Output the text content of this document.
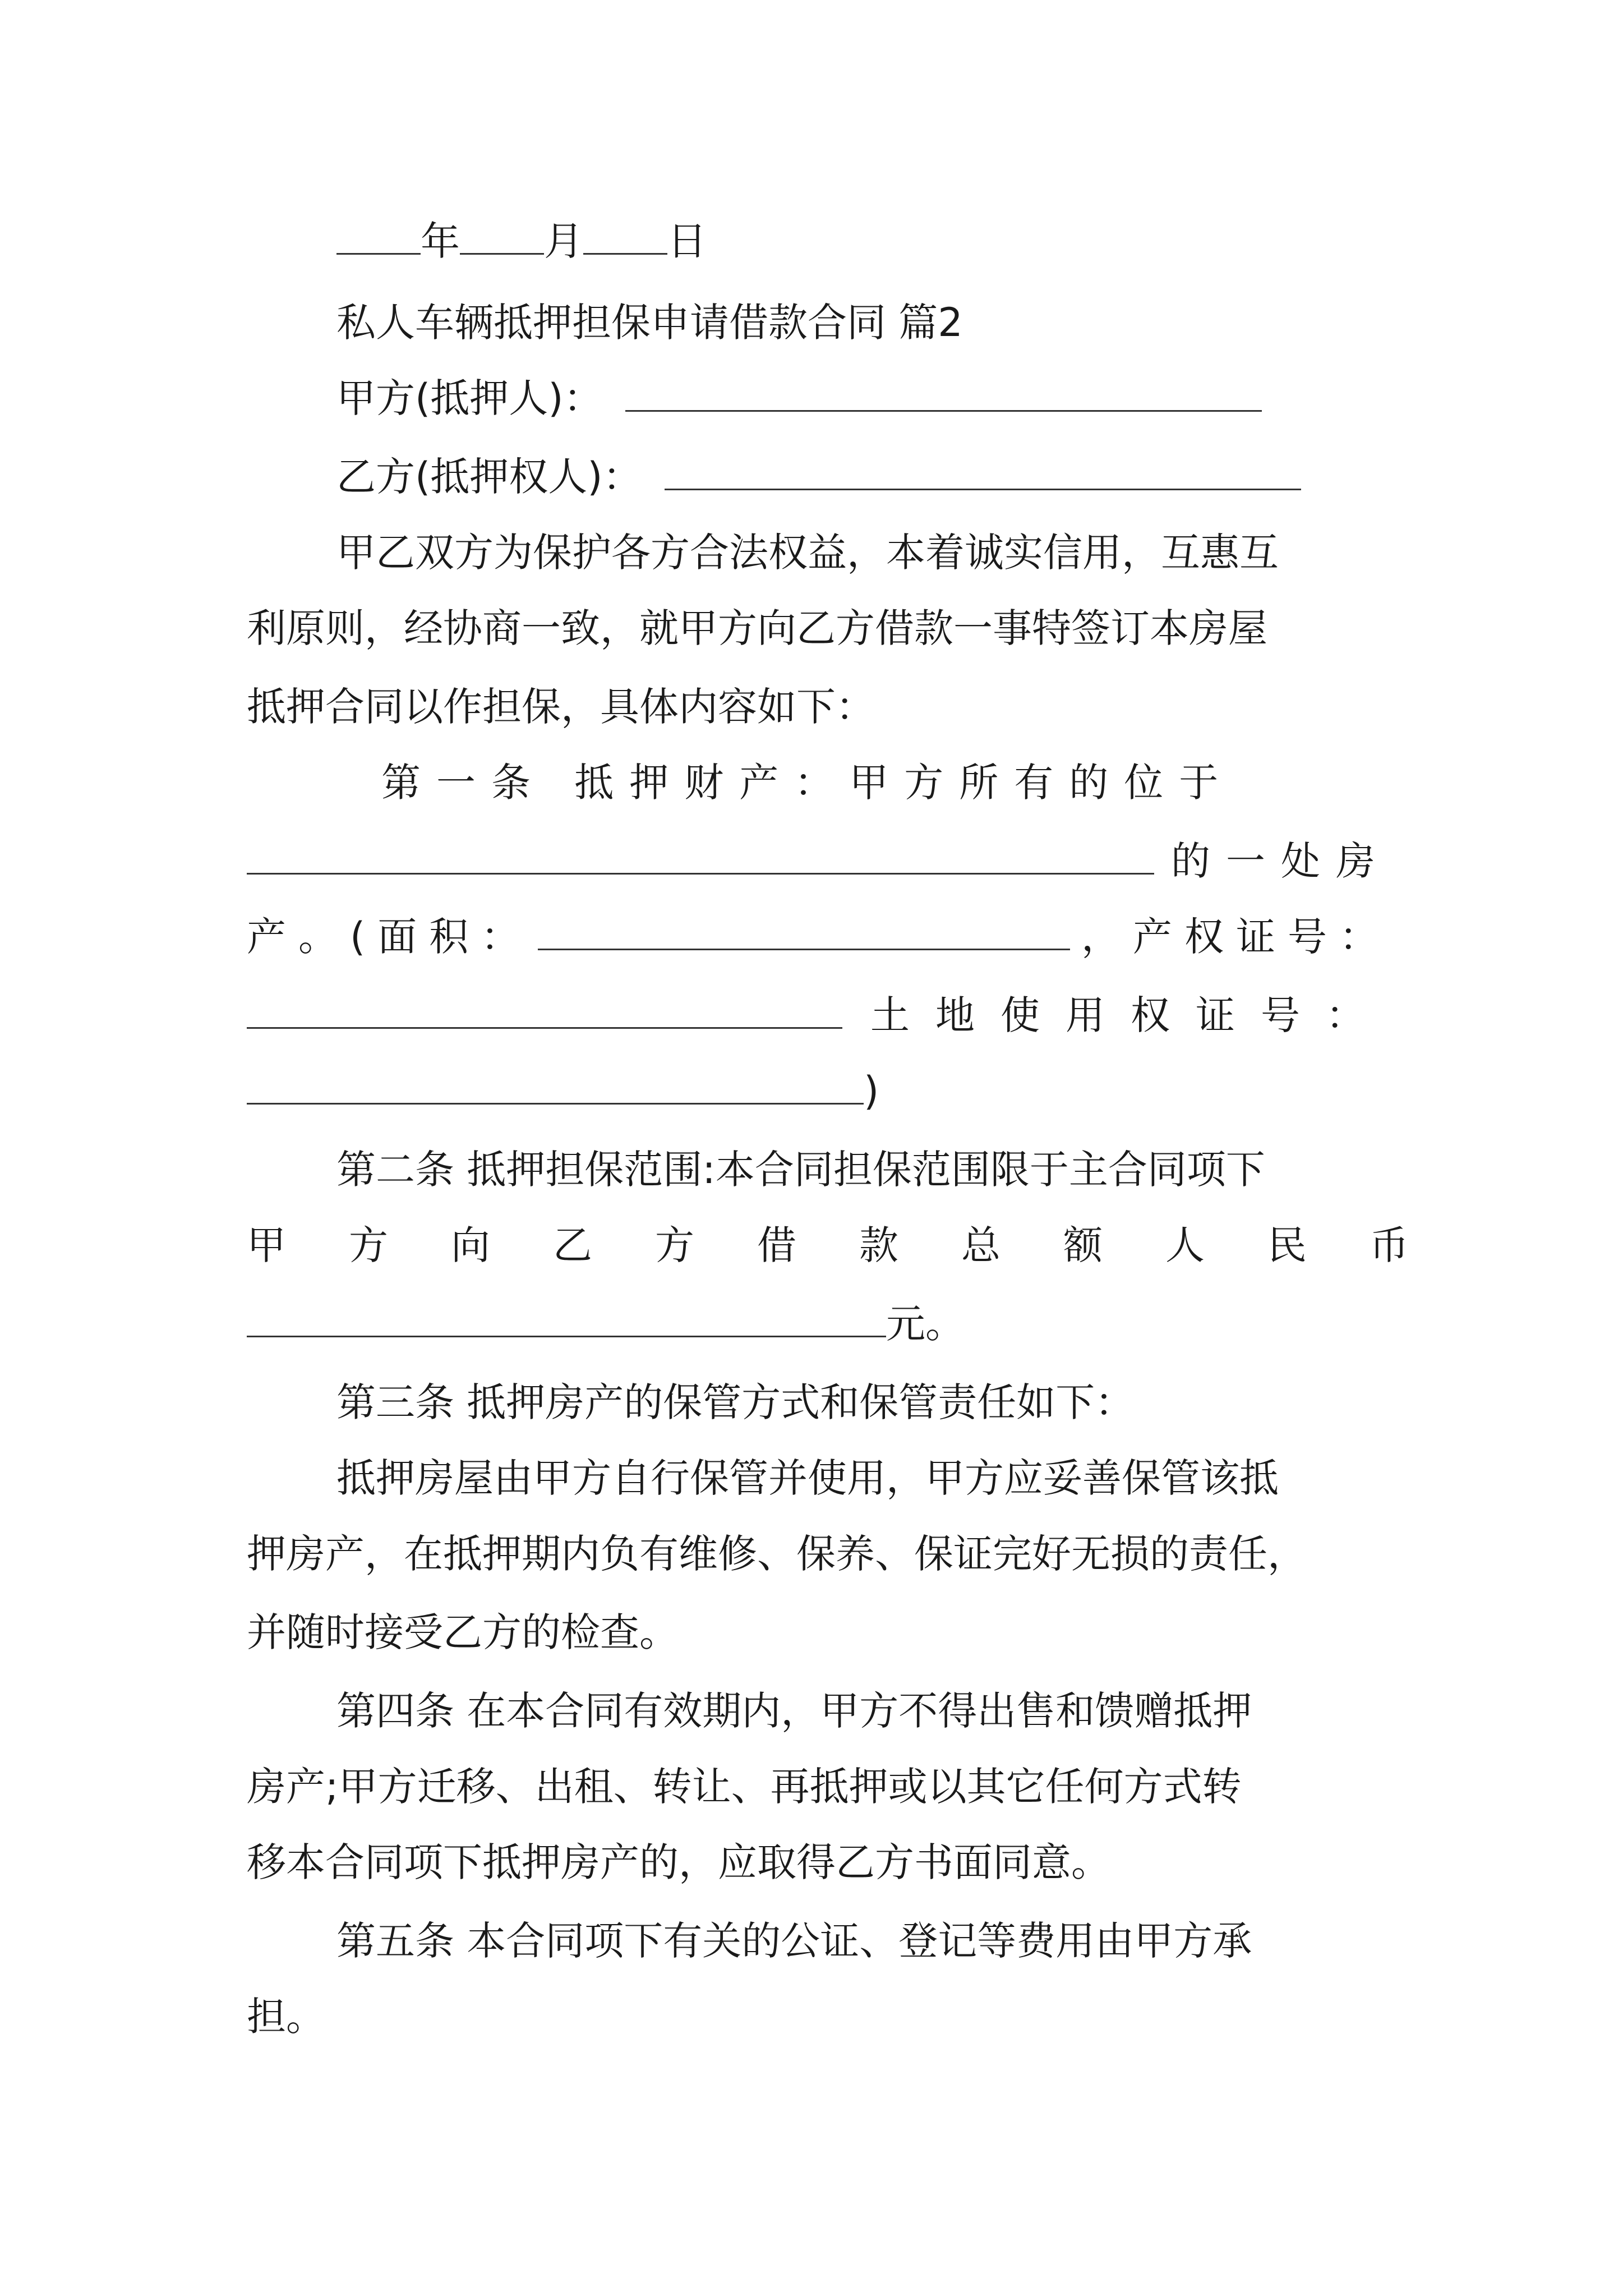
年 月 日
私人车辆抵押担保申请借款合同 篇2
甲方(抵押人)：
乙方(抵押权人)：
甲乙双方为保护各方合法权益，本着诚实信用，互惠互
利原则，经协商一致，就甲方向乙方借款一事特签订本房屋
抵押合同以作担保，具体内容如下：
第一条 抵押财产：甲方所有的位于
的一处房
产。(面积：	，产权证号：
土地使用权证号：
)
第二条 抵押担保范围:本合同担保范围限于主合同项下
甲方向乙方借款总额人民币
元。
第三条 抵押房产的保管方式和保管责任如下：
抵押房屋由甲方自行保管并使用，甲方应妥善保管该抵
押房产，在抵押期内负有维修、保养、保证完好无损的责任，
并随时接受乙方的检查。
第四条 在本合同有效期内，甲方不得出售和馈赠抵押
房产;甲方迁移、出租、转让、再抵押或以其它任何方式转
移本合同项下抵押房产的，应取得乙方书面同意。
第五条 本合同项下有关的公证、登记等费用由甲方承
担。
